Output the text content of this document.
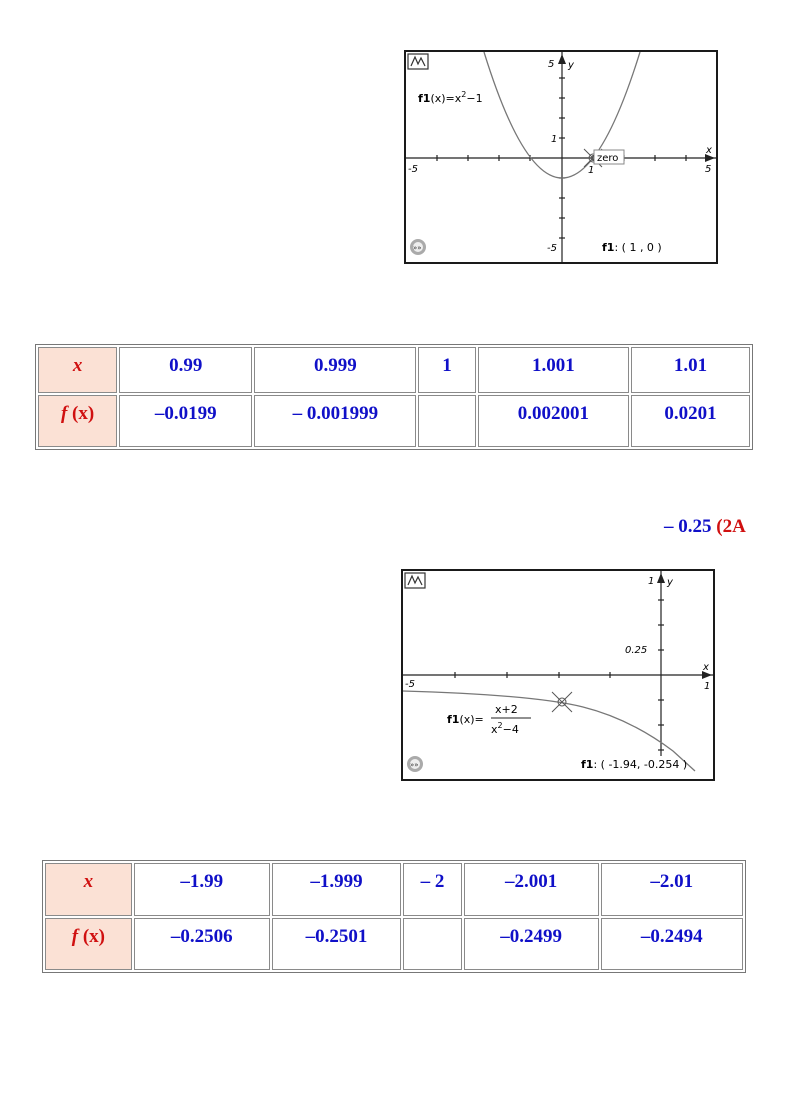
zero
5 y
x
-5	5
-5
1
1
$f1(x)=x^2-1$
»»	f1: ( 1 , 0 )
x	0.99	0.999	1	1.001	1.01
f (x)	–0.0199	– 0.001999		0.002001	0.0201
– 0.25 (2A
1 y
x
-5	1
0.25
f1(x)=
x+2
$x^2-4$
»»	f1: ( -1.94, -0.254 )
x	–1.99	–1.999	– 2	–2.001	–2.01
f (x)	–0.2506	–0.2501		–0.2499	–0.2494
